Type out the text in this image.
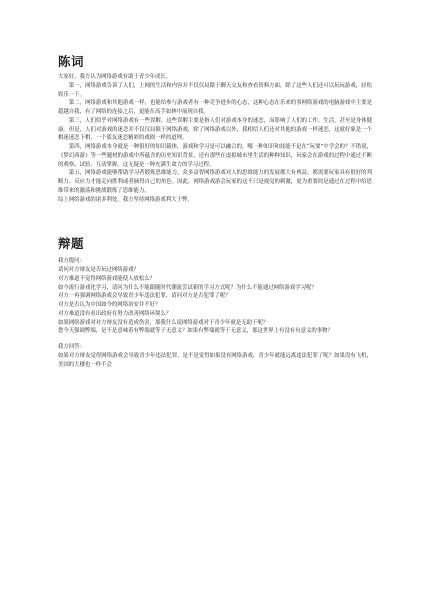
陈词

大家好，我方认为网络游戏有助于青少年成长。

第一，网络游戏告诉了人们，上网的生活和内容并不仅仅局限于聊天交友和查看资料方面，除了这些人们还可以玩玩游戏，轻松娱乐一下。

第二，网络游戏和其他游戏一样，也能给参与游戏者有一种竞争进步的心态，这种心态在乐来的事网络游戏的电脑游戏中主要是超越自我，有了网络的连接之后，更能在高手如林中展现自我。

第三，人们似乎对网络游戏有一些误解，这些误解主要是指人们对游戏本身的迷恋，而影响了人们的工作、生活，甚至是身体健康。但是，人们对游戏的迷恋并不仅仅局限于网络游戏，除了网络游戏以外，我相信人们还对其他的游戏一样迷恋，这就好象是一个棋迷迷恋下棋，一个篮友迷恋精彩的戏剧一样的道理。

第四，网络游戏本身就是一种很好的知识载体，游戏和学习是可以融合的，哪一种知识和技能不是在“玩耍”中学会的？不错说，《梦幻西游》等一些题材的游戏中所蕴含的历史知识背景，还有那些在虚拟城市里生活的种种知识，玩家会在游戏的过程中通过不断的观察、试验、互动掌握，这无疑是一种充满生命力的学习过程。

第五，网络游戏能够帮助学习者锻炼思维能力，众多益智网络游戏对人的思维能力的发展都大有裨益，都需要玩家具有很好的判断力、反应力才能走向胜利或者摘得自己的角色。因此，网络游戏游会玩家的这不只是视觉的刺激，更为重要的是通过在过程中给思维带来的激荡和挑战锻炼了思维能力。

综上网络游戏的诸多利处，我方坚持网络游戏利大于弊。

辩题

我方提问：

请问对方辩友是否玩过网络游戏？

对方难道不觉得网络游戏能使人放松么？

如今流行游戏化学习，请问为什么不能跟随时代潮流尝试新的学习方式呢？为什么不能通过网络游戏学习呢？

对方一再强调网络游戏会导致青少年违法犯罪，请问对方是否犯罪了呢？

对方是否认为中国如今的网络治安并不好？

对方难道没有看出政府在努力改善网络环境么？

如果网络游戏对对方辩友没有造成伤害，那我什么说网络游戏对于青少年就是无助于呢？

您今天强调弊端，是不是意味着有弊端就等于无意义？如果有弊端就等于无意义，那这世界上有没有有意义的事物？

我方回答：

如果对方辩友觉得网络游戏会导致青少年违法犯罪，是不是觉得如果没有网络游戏，青少年就能远离违法犯罪了呢？如果没有飞机，美国的大楼也一样不会
